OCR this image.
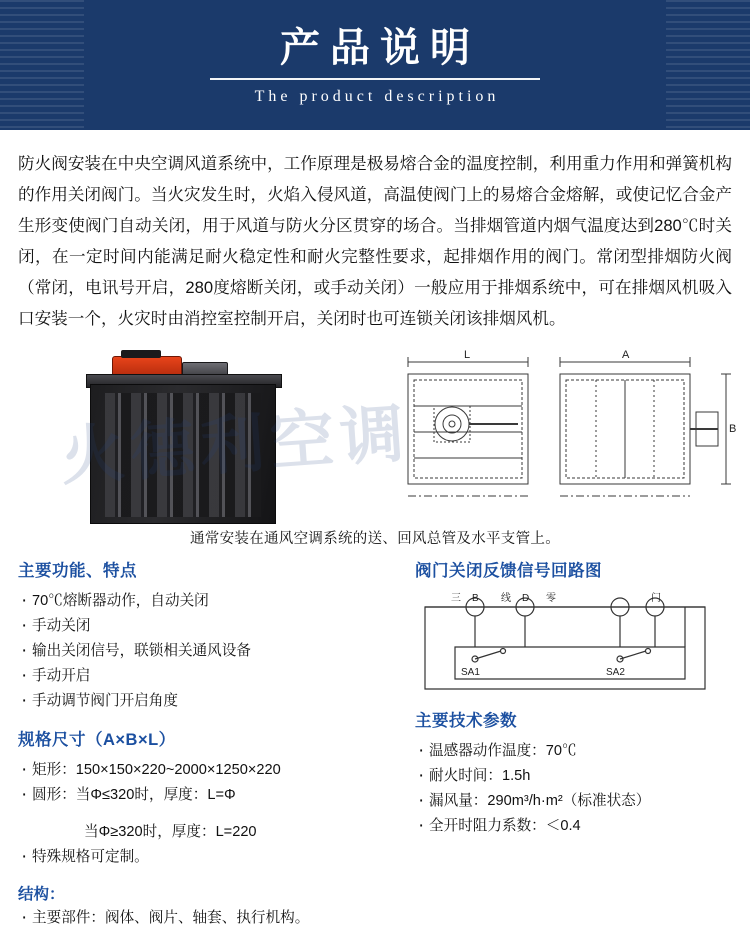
产品说明
The product description
防火阀安装在中央空调风道系统中，工作原理是极易熔合金的温度控制，利用重力作用和弹簧机构的作用关闭阀门。当火灾发生时，火焰入侵风道，高温使阀门上的易熔合金熔解，或使记忆合金产生形变使阀门自动关闭，用于风道与防火分区贯穿的场合。当排烟管道内烟气温度达到280℃时关闭，在一定时间内能满足耐火稳定性和耐火完整性要求，起排烟作用的阀门。常闭型排烟防火阀（常闭，电讯号开启，280度熔断关闭，或手动关闭）一般应用于排烟系统中，可在排烟风机吸入口安装一个，火灾时由消控室控制开启，关闭时也可连锁关闭该排烟风机。
L	A
B
通常安装在通风空调系统的送、回风总管及水平支管上。
主要功能、特点
· 70℃熔断器动作，自动关闭
· 手动关闭
· 输出关闭信号，联锁相关通风设备
· 手动开启
· 手动调节阀门开启角度
规格尺寸（A×B×L）
· 矩形：150×150×220~2000×1250×220
· 圆形：当Φ≤320时，厚度：L=Φ
当Φ≥320时，厚度：L=220
· 特殊规格可定制。
结构：
· 主要部件：阀体、阀片、轴套、执行机构。
阀门关闭反馈信号回路图
三 B 线 D 零	门
SA1	SA2
主要技术参数
· 温感器动作温度：70℃
· 耐火时间：1.5h
· 漏风量：290m³/h·m²（标准状态）
· 全开时阻力系数：＜0.4
